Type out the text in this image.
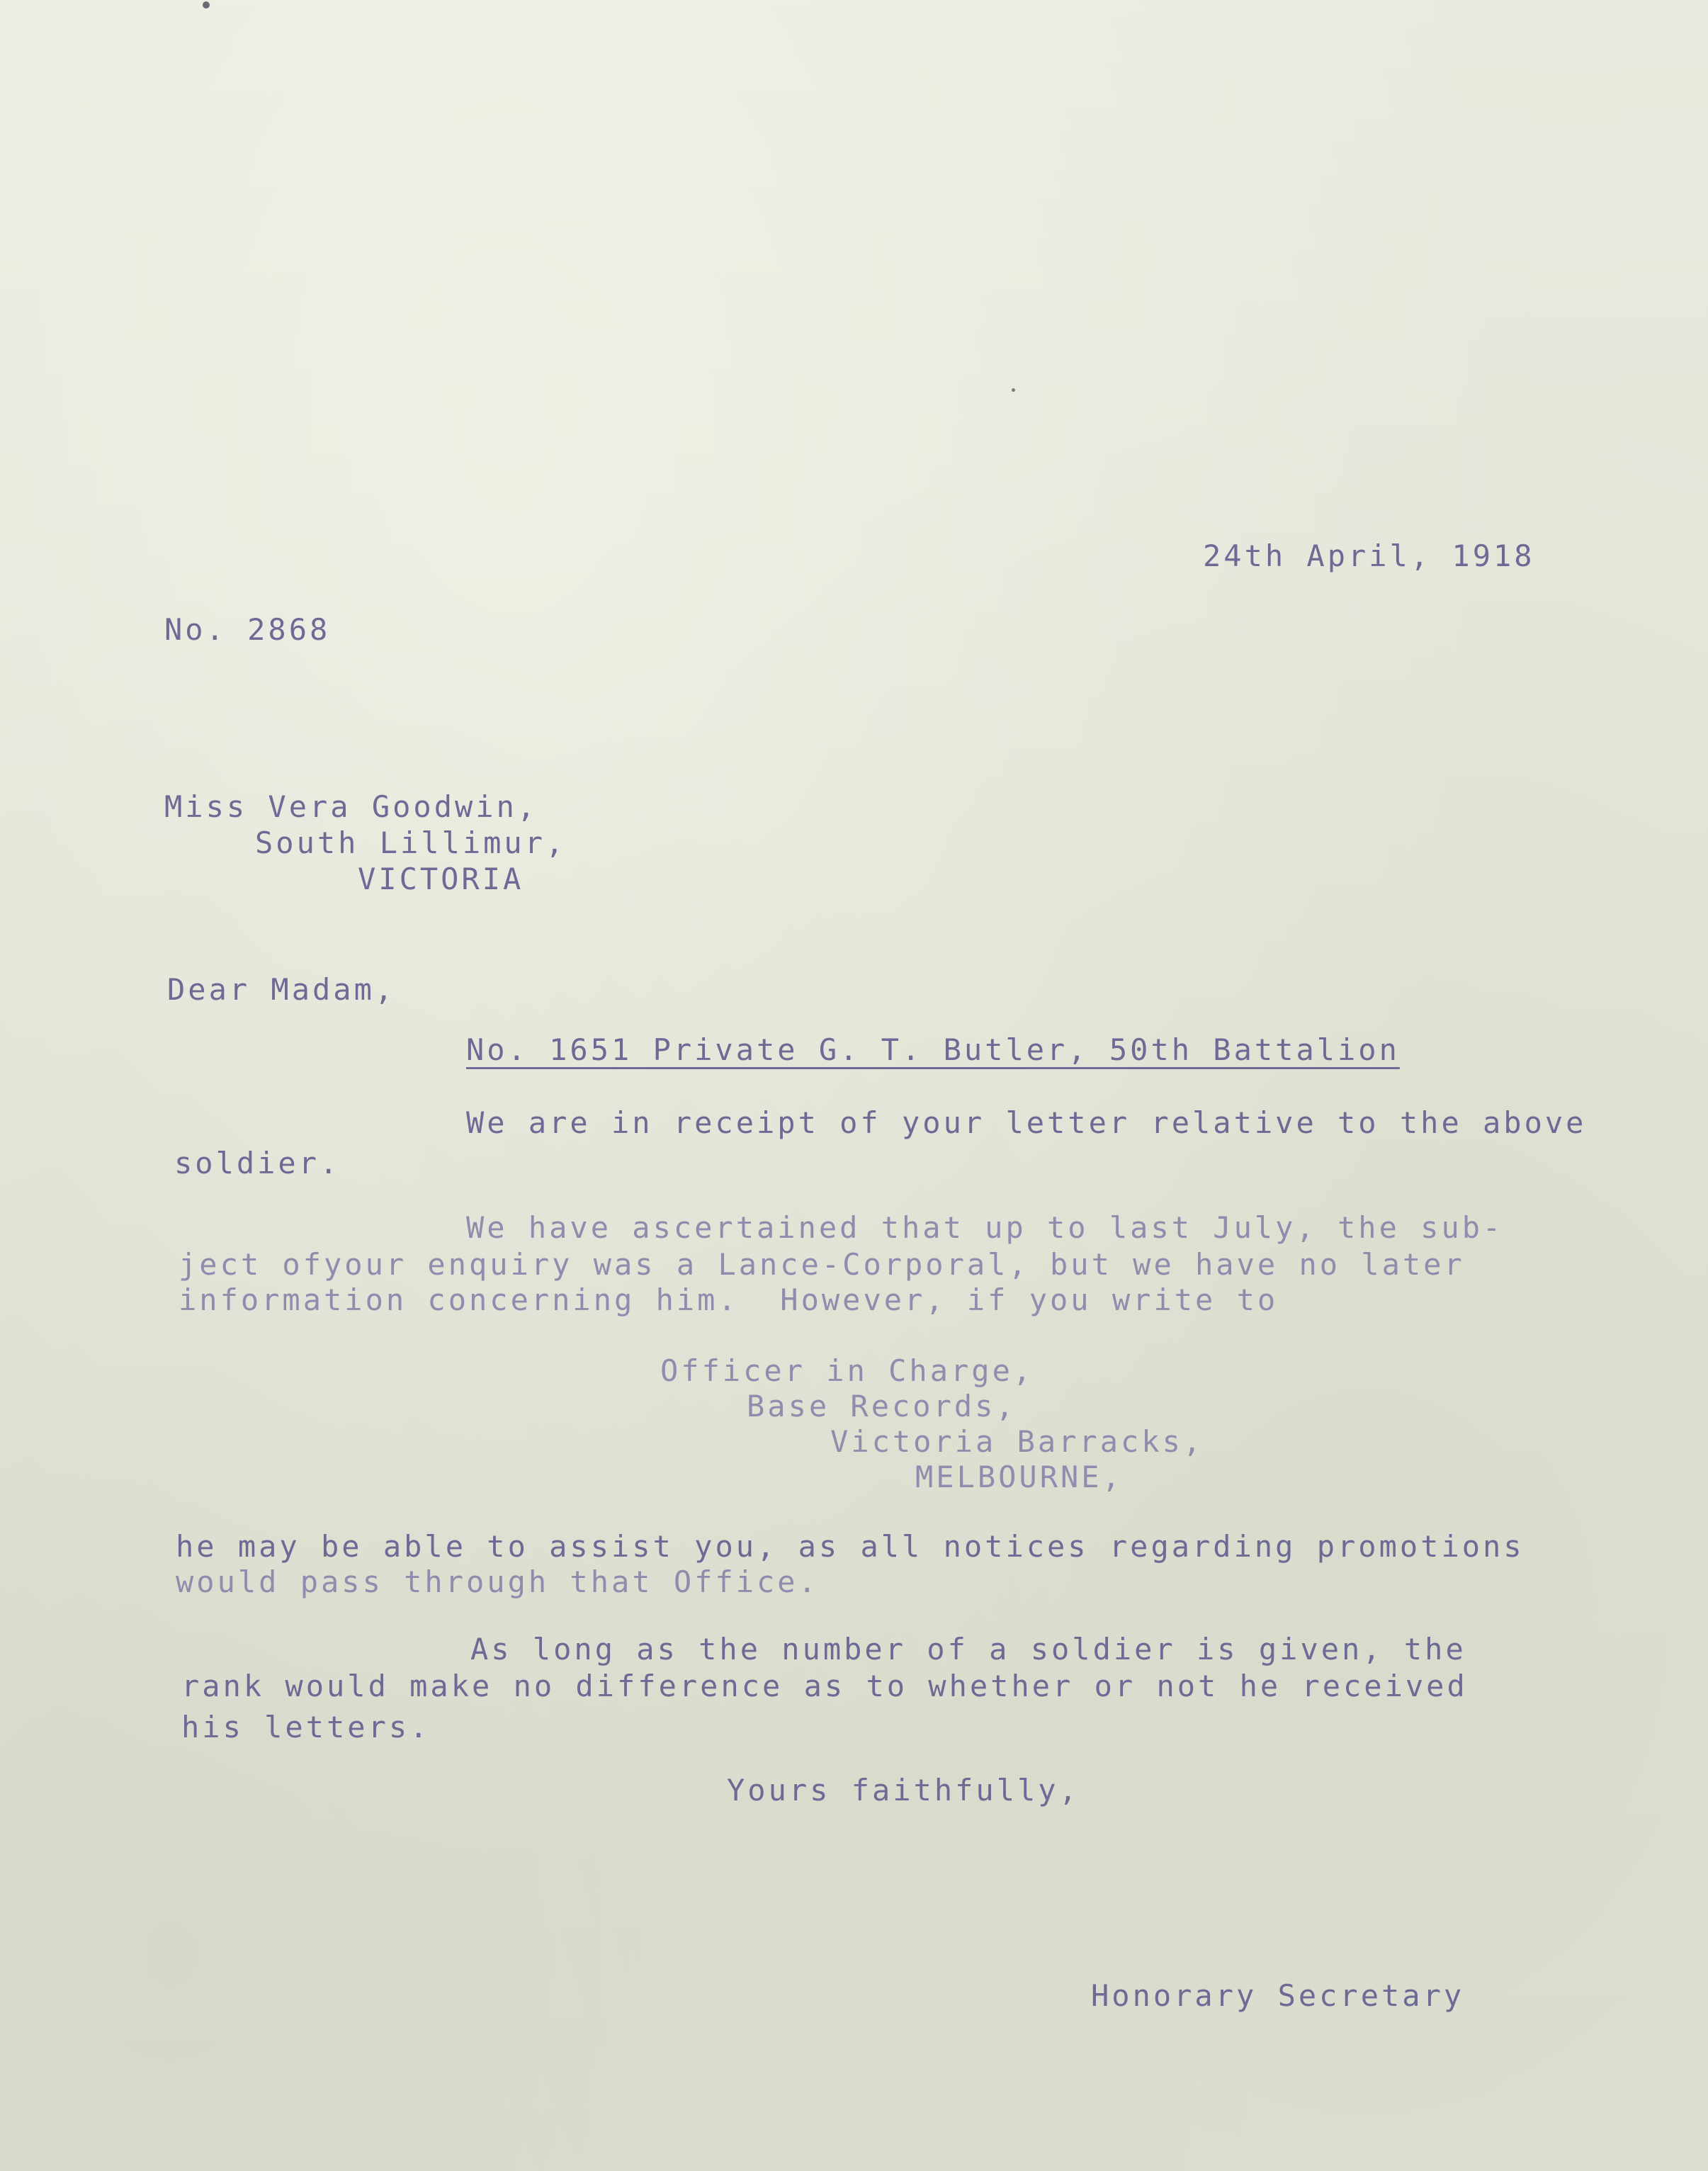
24th April, 1918

No. 2868

Miss Vera Goodwin,

South Lillimur,

VICTORIA

Dear Madam,

No. 1651 Private G. T. Butler, 50th Battalion

We are in receipt of your letter relative to the above

soldier.

We have ascertained that up to last July, the sub-

ject ofyour enquiry was a Lance-Corporal, but we have no later

information concerning him.  However, if you write to

Officer in Charge,

Base Records,

Victoria Barracks,

MELBOURNE,

he may be able to assist you, as all notices regarding promotions

would pass through that Office.

As long as the number of a soldier is given, the

rank would make no difference as to whether or not he received

his letters.

Yours faithfully,

Honorary Secretary
